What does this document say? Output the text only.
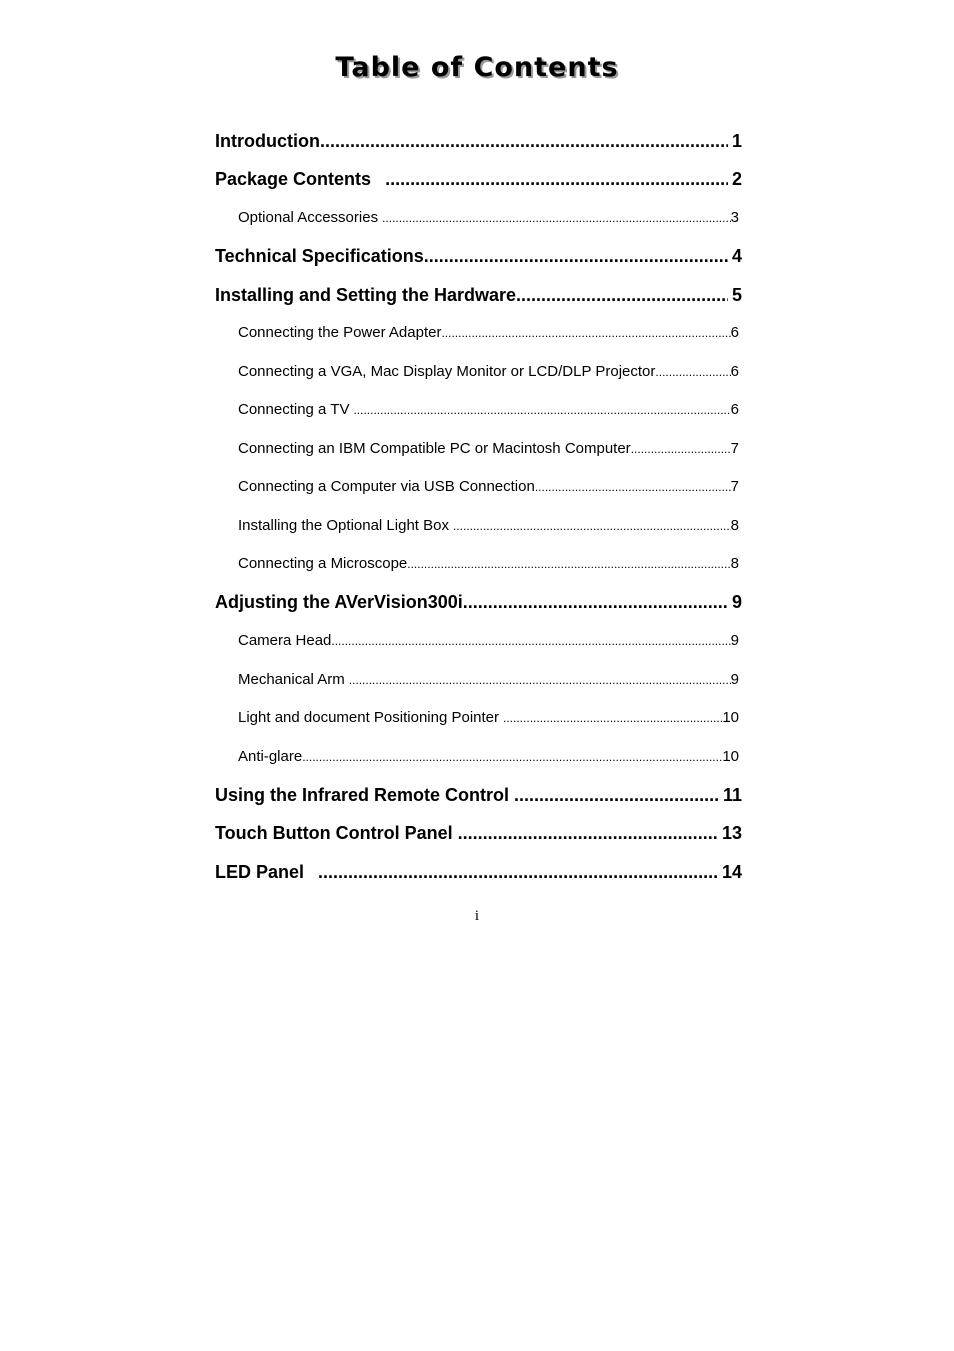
Table of Contents
Introduction .....	1
Package Contents .....	2
Optional Accessories .....	3
Technical Specifications .....	4
Installing and Setting the Hardware .....	5
Connecting the Power Adapter .....	6
Connecting a VGA, Mac Display Monitor or LCD/DLP Projector .....	6
Connecting a TV .....	6
Connecting an IBM Compatible PC or Macintosh Computer .....	7
Connecting a Computer via USB Connection .....	7
Installing the Optional Light Box .....	8
Connecting a Microscope .....	8
Adjusting the AVerVision300i .....	9
Camera Head .....	9
Mechanical Arm .....	9
Light and document Positioning Pointer .....	10
Anti-glare .....	10
Using the Infrared Remote Control .....	11
Touch Button Control Panel .....	13
LED Panel .....	14
i
